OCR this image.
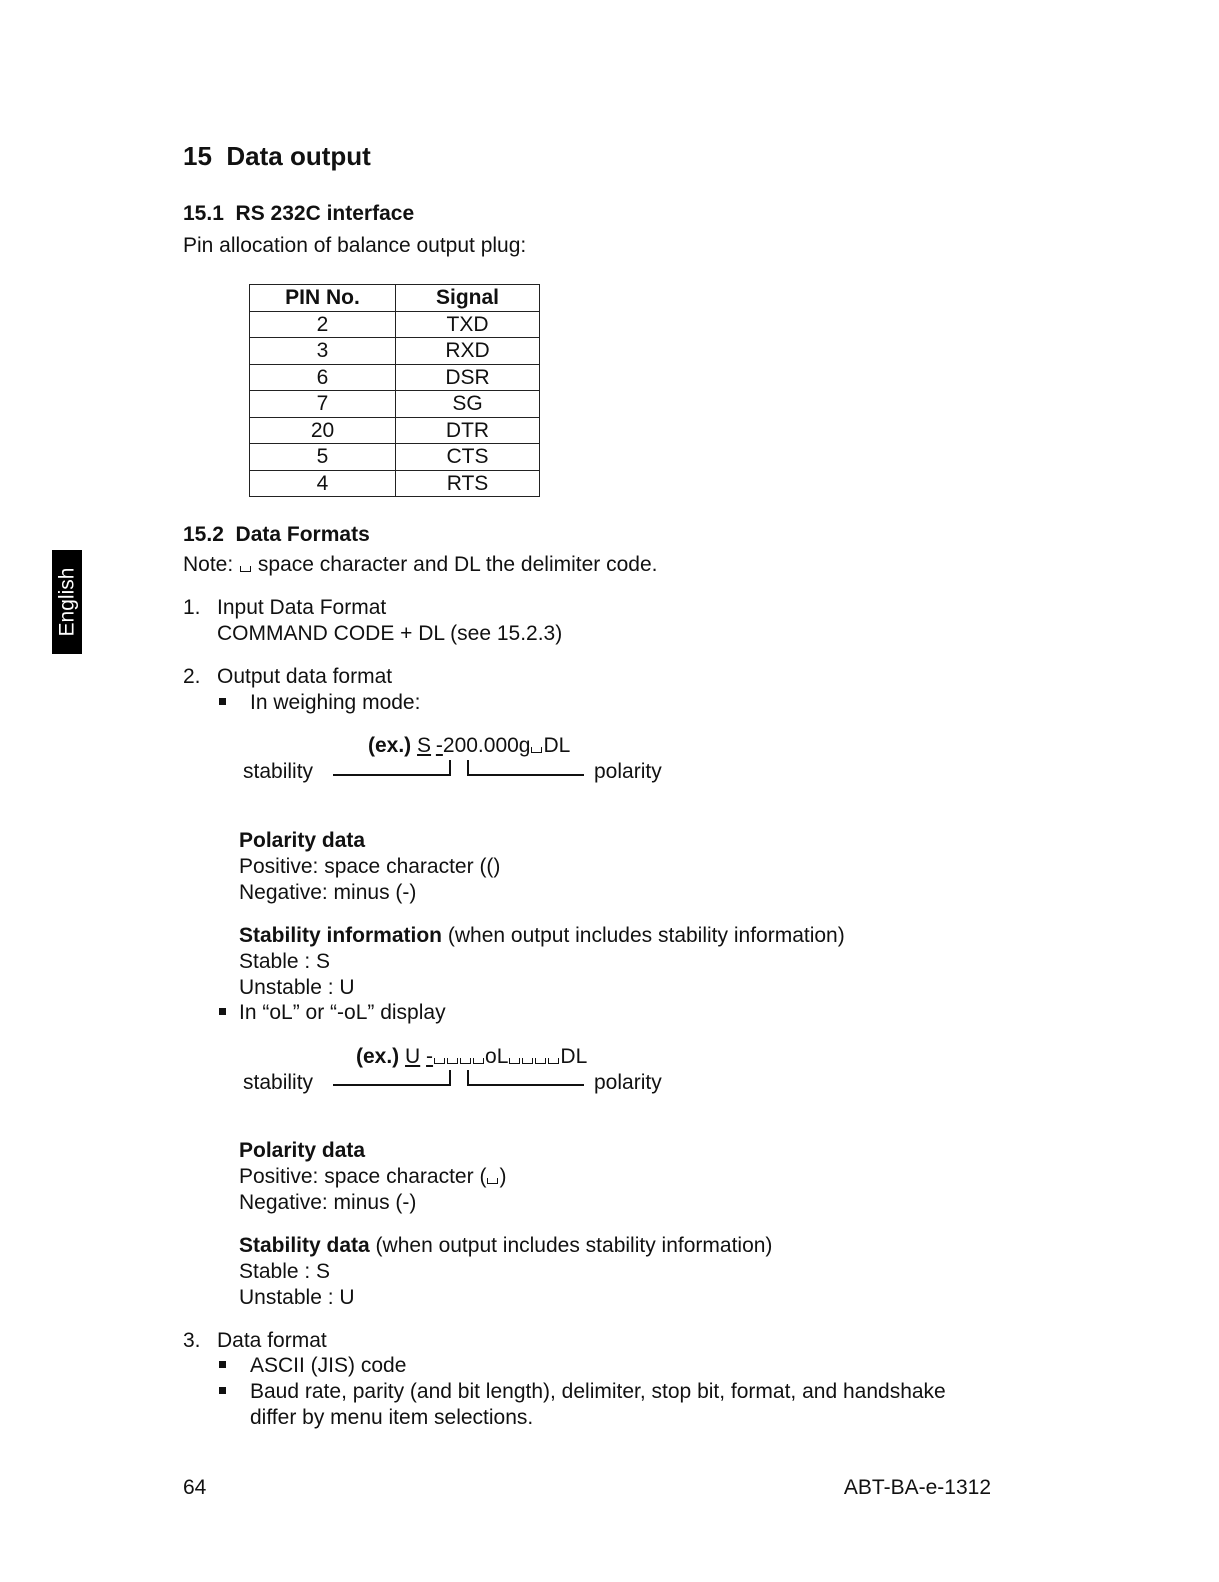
English
15 Data output
15.1 RS 232C interface
Pin allocation of balance output plug:
PIN No.	Signal
2	TXD
3	RXD
6	DSR
7	SG
20	DTR
5	CTS
4	RTS
15.2 Data Formats
Note: space character and DL the delimiter code.
1. Input Data Format
COMMAND CODE + DL (see 15.2.3)
2. Output data format
In weighing mode:
(ex.) S -200.000g DL
stability	polarity
Polarity data
Positive: space character (()
Negative: minus (-)
Stability information (when output includes stability information)
Stable : S
Unstable : U
In “oL” or “-oL” display
(ex.) U - oL DL
stability	polarity
Polarity data
Positive: space character ( )
Negative: minus (-)
Stability data (when output includes stability information)
Stable : S
Unstable : U
3. Data format
ASCII (JIS) code
Baud rate, parity (and bit length), delimiter, stop bit, format, and handshake
differ by menu item selections.
64	ABT-BA-e-1312
